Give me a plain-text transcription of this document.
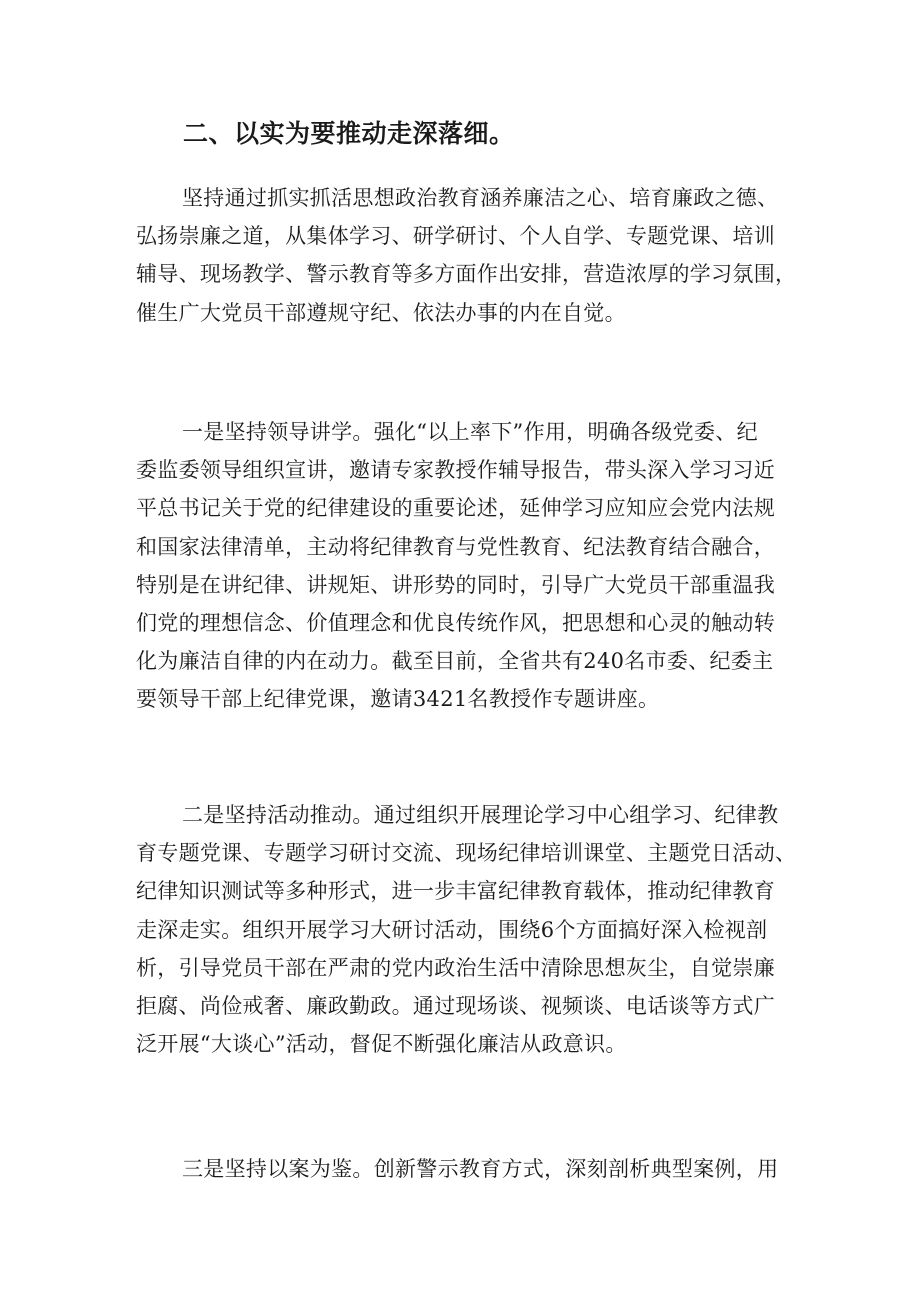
二、以实为要推动走深落细。
坚持通过抓实抓活思想政治教育涵养廉洁之心、培育廉政之德、
弘扬崇廉之道，从集体学习、研学研讨、个人自学、专题党课、培训
辅导、现场教学、警示教育等多方面作出安排，营造浓厚的学习氛围，
催生广大党员干部遵规守纪、依法办事的内在自觉。
一是坚持领导讲学。强化“以上率下”作用，明确各级党委、纪
委监委领导组织宣讲，邀请专家教授作辅导报告，带头深入学习习近
平总书记关于党的纪律建设的重要论述，延伸学习应知应会党内法规
和国家法律清单，主动将纪律教育与党性教育、纪法教育结合融合，
特别是在讲纪律、讲规矩、讲形势的同时，引导广大党员干部重温我
们党的理想信念、价值理念和优良传统作风，把思想和心灵的触动转
化为廉洁自律的内在动力。截至目前，全省共有240名市委、纪委主
要领导干部上纪律党课，邀请3421名教授作专题讲座。
二是坚持活动推动。通过组织开展理论学习中心组学习、纪律教
育专题党课、专题学习研讨交流、现场纪律培训课堂、主题党日活动、
纪律知识测试等多种形式，进一步丰富纪律教育载体，推动纪律教育
走深走实。组织开展学习大研讨活动，围绕6个方面搞好深入检视剖
析，引导党员干部在严肃的党内政治生活中清除思想灰尘，自觉崇廉
拒腐、尚俭戒奢、廉政勤政。通过现场谈、视频谈、电话谈等方式广
泛开展“大谈心”活动，督促不断强化廉洁从政意识。
三是坚持以案为鉴。创新警示教育方式，深刻剖析典型案例，用
